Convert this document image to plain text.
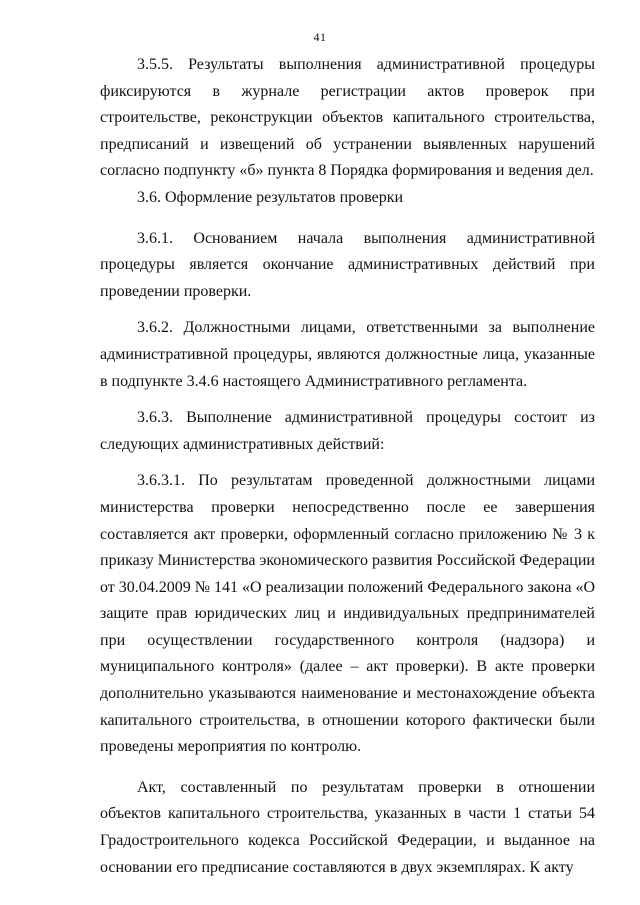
41

3.5.5. Результаты выполнения административной процедуры фиксируются в журнале регистрации актов проверок при строительстве, реконструкции объектов капитального строительства, предписаний и извещений об устранении выявленных нарушений согласно подпункту «б» пункта 8 Порядка формирования и ведения дел.

3.6. Оформление результатов проверки

3.6.1. Основанием начала выполнения административной процедуры является окончание административных действий при проведении проверки.

3.6.2. Должностными лицами, ответственными за выполнение административной процедуры, являются должностные лица, указанные в подпункте 3.4.6 настоящего Административного регламента.

3.6.3. Выполнение административной процедуры состоит из следующих административных действий:

3.6.3.1. По результатам проведенной должностными лицами министерства проверки непосредственно после ее завершения составляется акт проверки, оформленный согласно приложению № 3 к приказу Министерства экономического развития Российской Федерации от 30.04.2009 № 141 «О реализации положений Федерального закона «О защите прав юридических лиц и индивидуальных предпринимателей при осуществлении государственного контроля (надзора) и муниципального контроля» (далее – акт проверки). В акте проверки дополнительно указываются наименование и местонахождение объекта капитального строительства, в отношении которого фактически были проведены мероприятия по контролю.

Акт, составленный по результатам проверки в отношении объектов капитального строительства, указанных в части 1 статьи 54 Градостроительного кодекса Российской Федерации, и выданное на основании его предписание составляются в двух экземплярах. К акту
